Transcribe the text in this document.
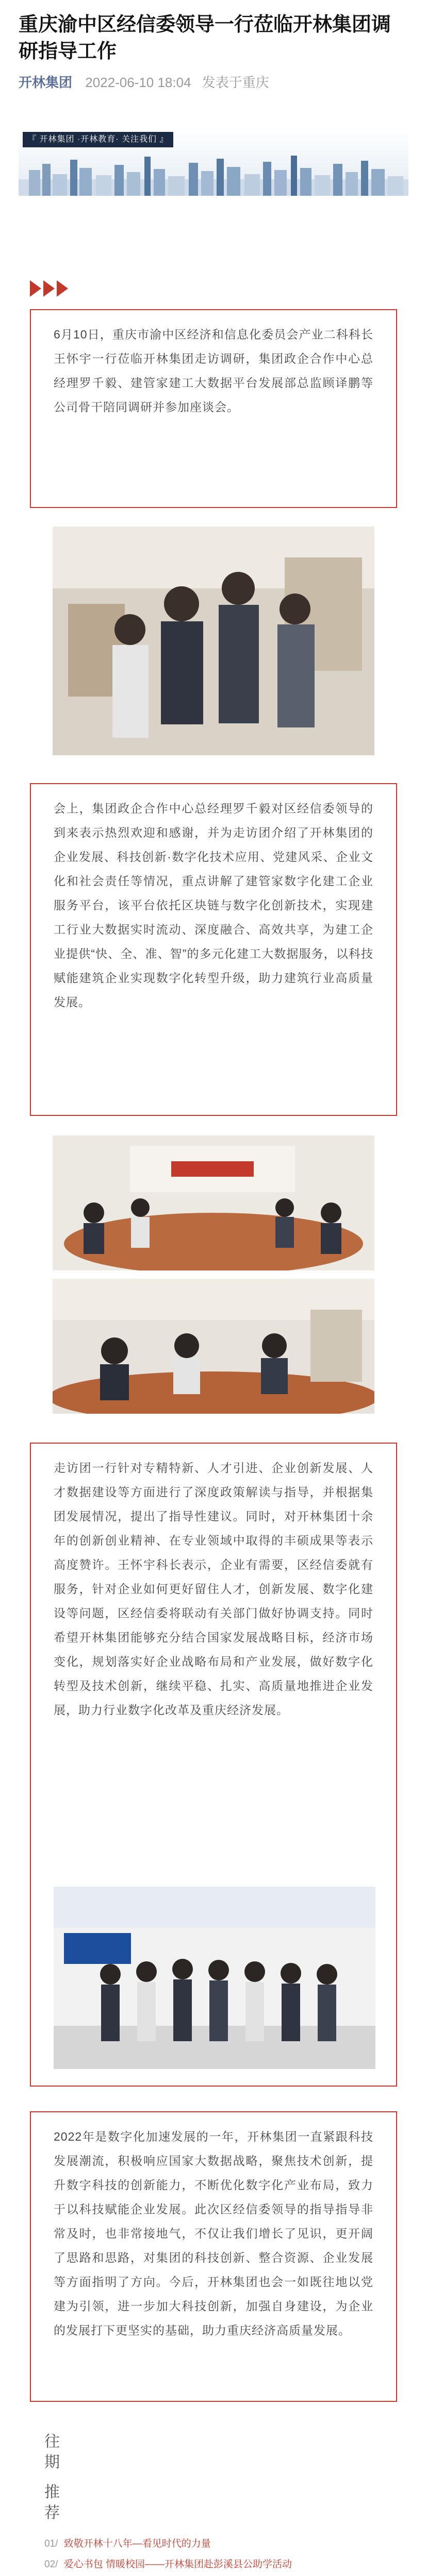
重庆渝中区经信委领导一行莅临开林集团调研指导工作
开林集团 2022-06-10 18:04 发表于重庆
『 开林集团 ·开林教育· 关注我们 』

6月10日，重庆市渝中区经济和信息化委员会产业二科科长王怀宇一行莅临开林集团走访调研，集团政企合作中心总经理罗千毅、建管家建工大数据平台发展部总监顾译鹏等公司骨干陪同调研并参加座谈会。

会上，集团政企合作中心总经理罗千毅对区经信委领导的到来表示热烈欢迎和感谢，并为走访团介绍了开林集团的企业发展、科技创新·数字化技术应用、党建风采、企业文化和社会责任等情况，重点讲解了建管家数字化建工企业服务平台，该平台依托区块链与数字化创新技术，实现建工行业大数据实时流动、深度融合、高效共享，为建工企业提供“快、全、准、智”的多元化建工大数据服务，以科技赋能建筑企业实现数字化转型升级，助力建筑行业高质量发展。

走访团一行针对专精特新、人才引进、企业创新发展、人才数据建设等方面进行了深度政策解读与指导，并根据集团发展情况，提出了指导性建议。同时，对开林集团十余年的创新创业精神、在专业领域中取得的丰硕成果等表示高度赞许。王怀宇科长表示，企业有需要，区经信委就有服务，针对企业如何更好留住人才，创新发展、数字化建设等问题，区经信委将联动有关部门做好协调支持。同时希望开林集团能够充分结合国家发展战略目标，经济市场变化，规划落实好企业战略布局和产业发展，做好数字化转型及技术创新，继续平稳、扎实、高质量地推进企业发展，助力行业数字化改革及重庆经济发展。

2022年是数字化加速发展的一年，开林集团一直紧跟科技发展潮流，积极响应国家大数据战略，聚焦技术创新，提升数字科技的创新能力，不断优化数字化产业布局，致力于以科技赋能企业发展。此次区经信委领导的指导指导非常及时，也非常接地气，不仅让我们增长了见识，更开阔了思路和思路，对集团的科技创新、整合资源、企业发展等方面指明了方向。今后，开林集团也会一如既往地以党建为引领，进一步加大科技创新，加强自身建设，为企业的发展打下更坚实的基础，助力重庆经济高质量发展。

往
期
推
荐
01/ 致敬开林十八年—看见时代的力量
02/ 爱心书包 情暖校园——开林集团赴彭溪县公助学活动
